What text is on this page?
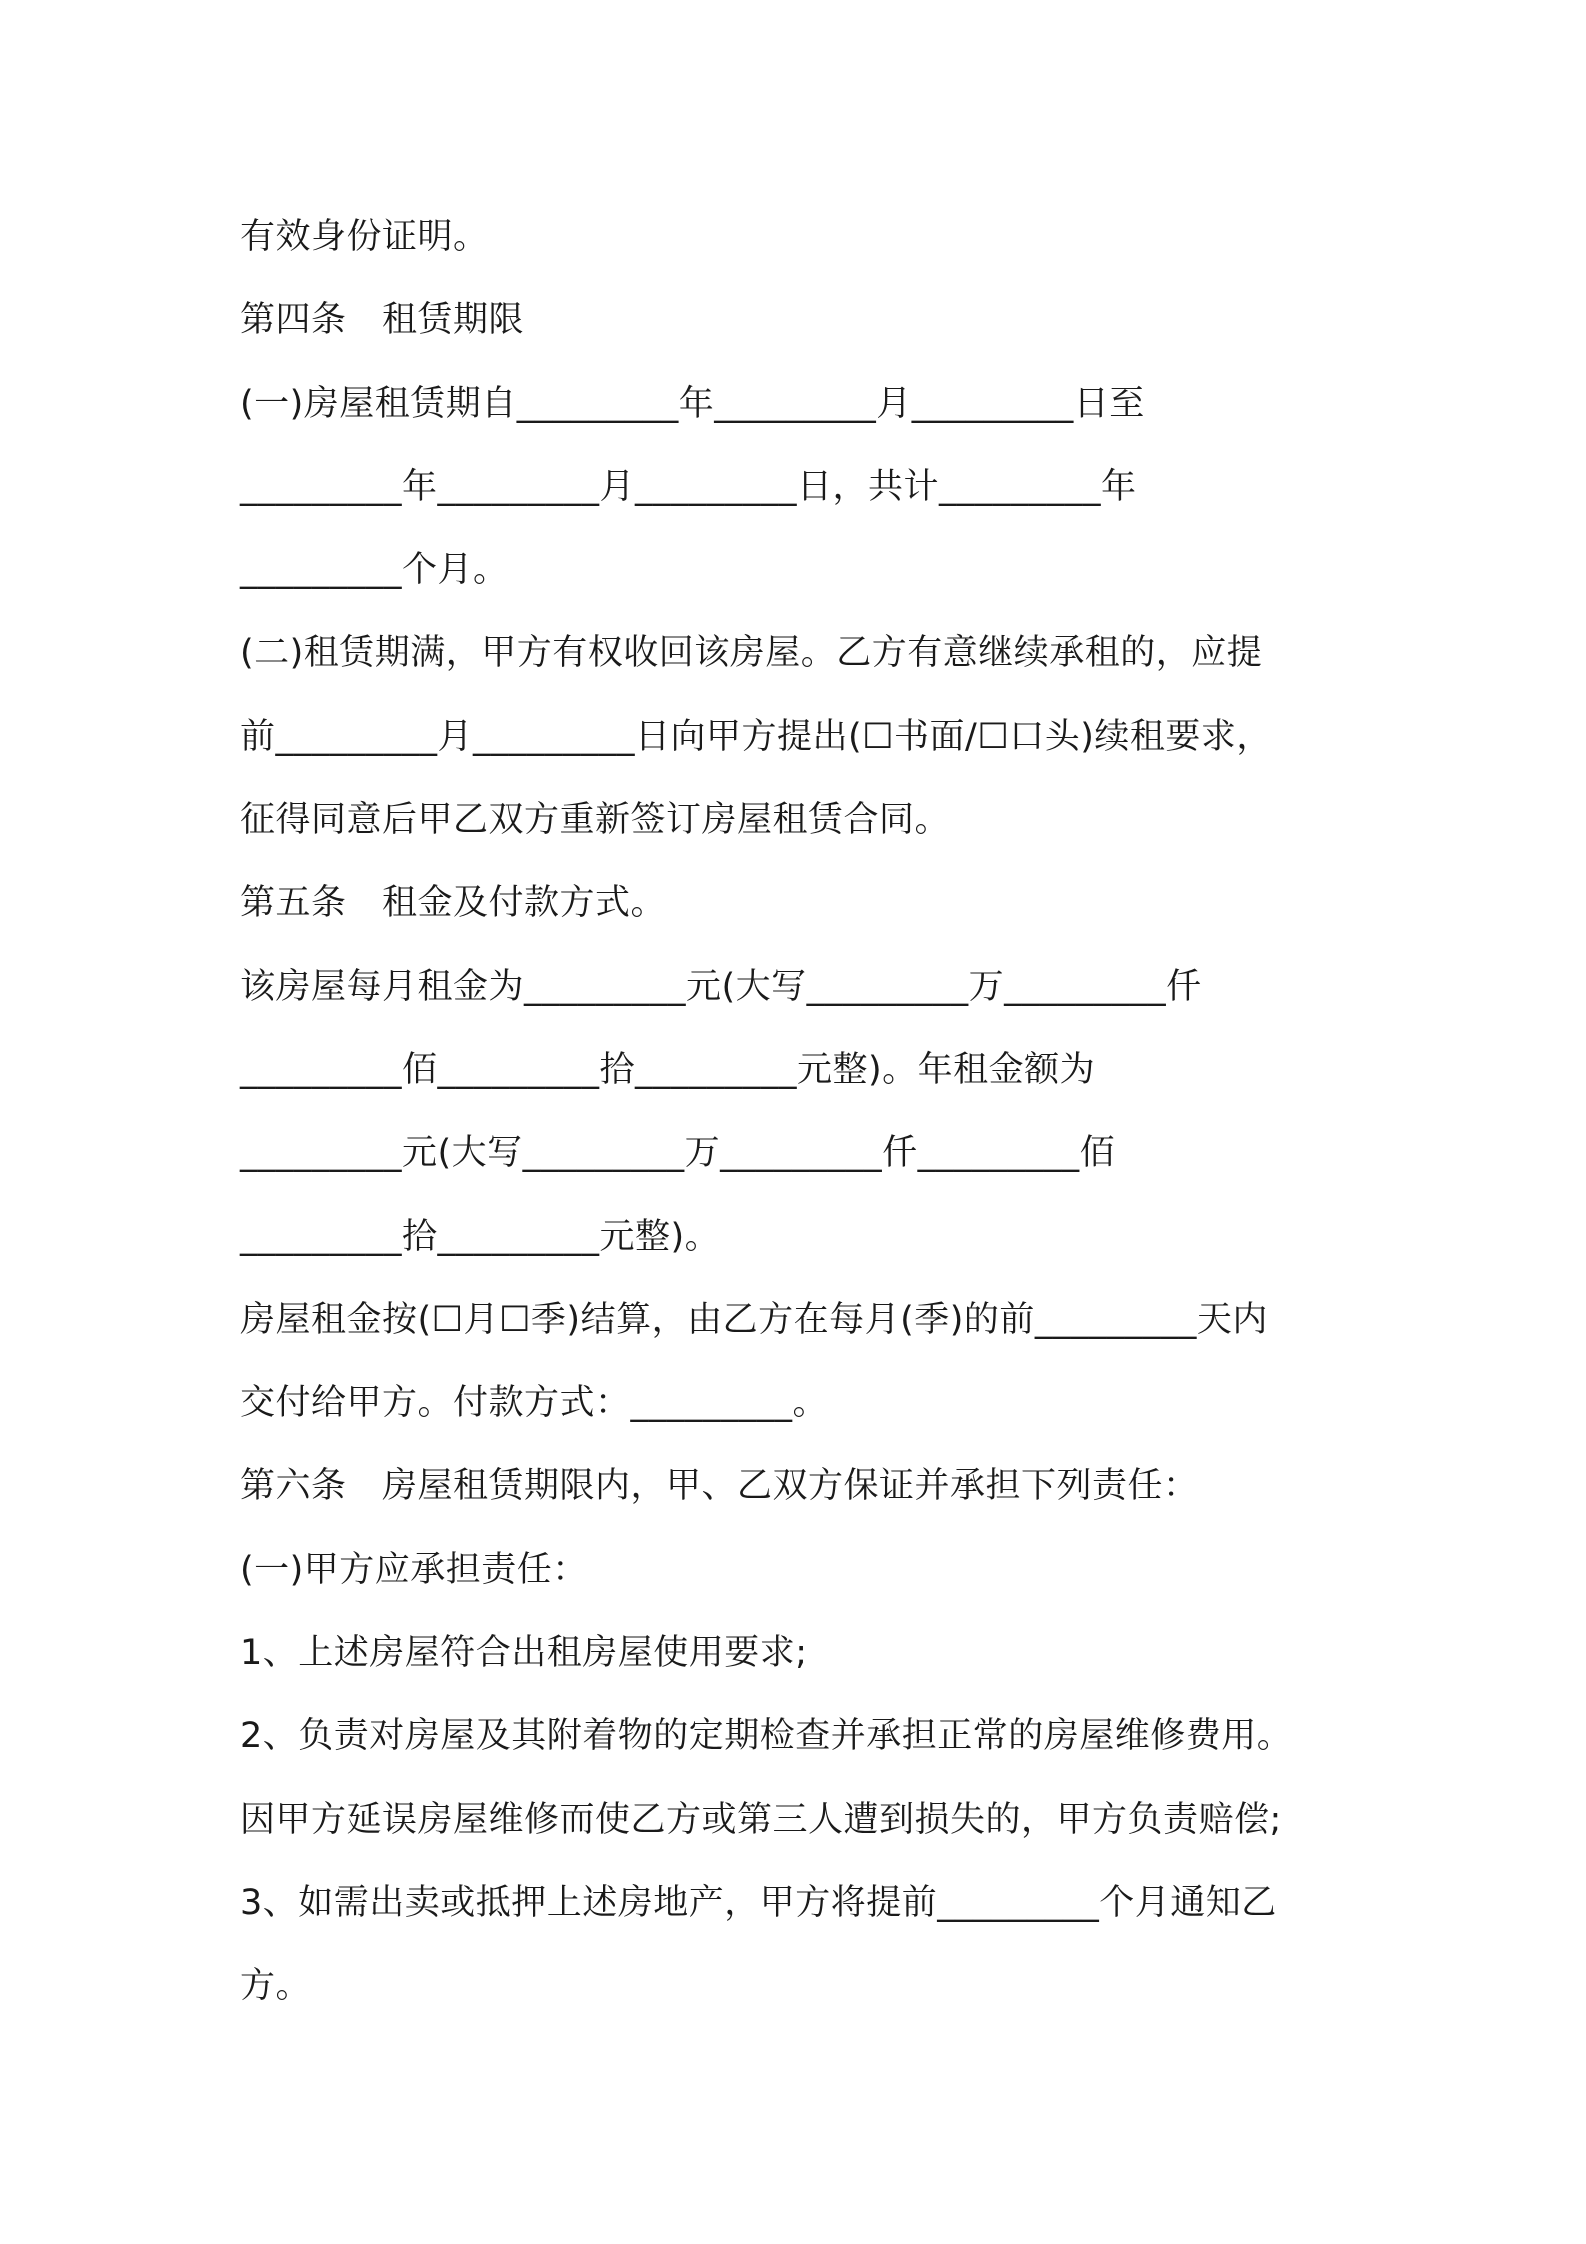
有效身份证明。
第四条　租赁期限
(一)房屋租赁期自_________年_________月_________日至
_________年_________月_________日，共计_________年
_________个月。
(二)租赁期满，甲方有权收回该房屋。乙方有意继续承租的，应提
前_________月_________日向甲方提出(☐书面/☐口头)续租要求，
征得同意后甲乙双方重新签订房屋租赁合同。
第五条　租金及付款方式。
该房屋每月租金为_________元(大写_________万_________仟
_________佰_________拾_________元整)。年租金额为
_________元(大写_________万_________仟_________佰
_________拾_________元整)。
房屋租金按(☐月☐季)结算，由乙方在每月(季)的前_________天内
交付给甲方。付款方式：_________。
第六条　房屋租赁期限内，甲、乙双方保证并承担下列责任：
(一)甲方应承担责任：
1、上述房屋符合出租房屋使用要求;
2、负责对房屋及其附着物的定期检查并承担正常的房屋维修费用。
因甲方延误房屋维修而使乙方或第三人遭到损失的，甲方负责赔偿;
3、如需出卖或抵押上述房地产，甲方将提前_________个月通知乙
方。
